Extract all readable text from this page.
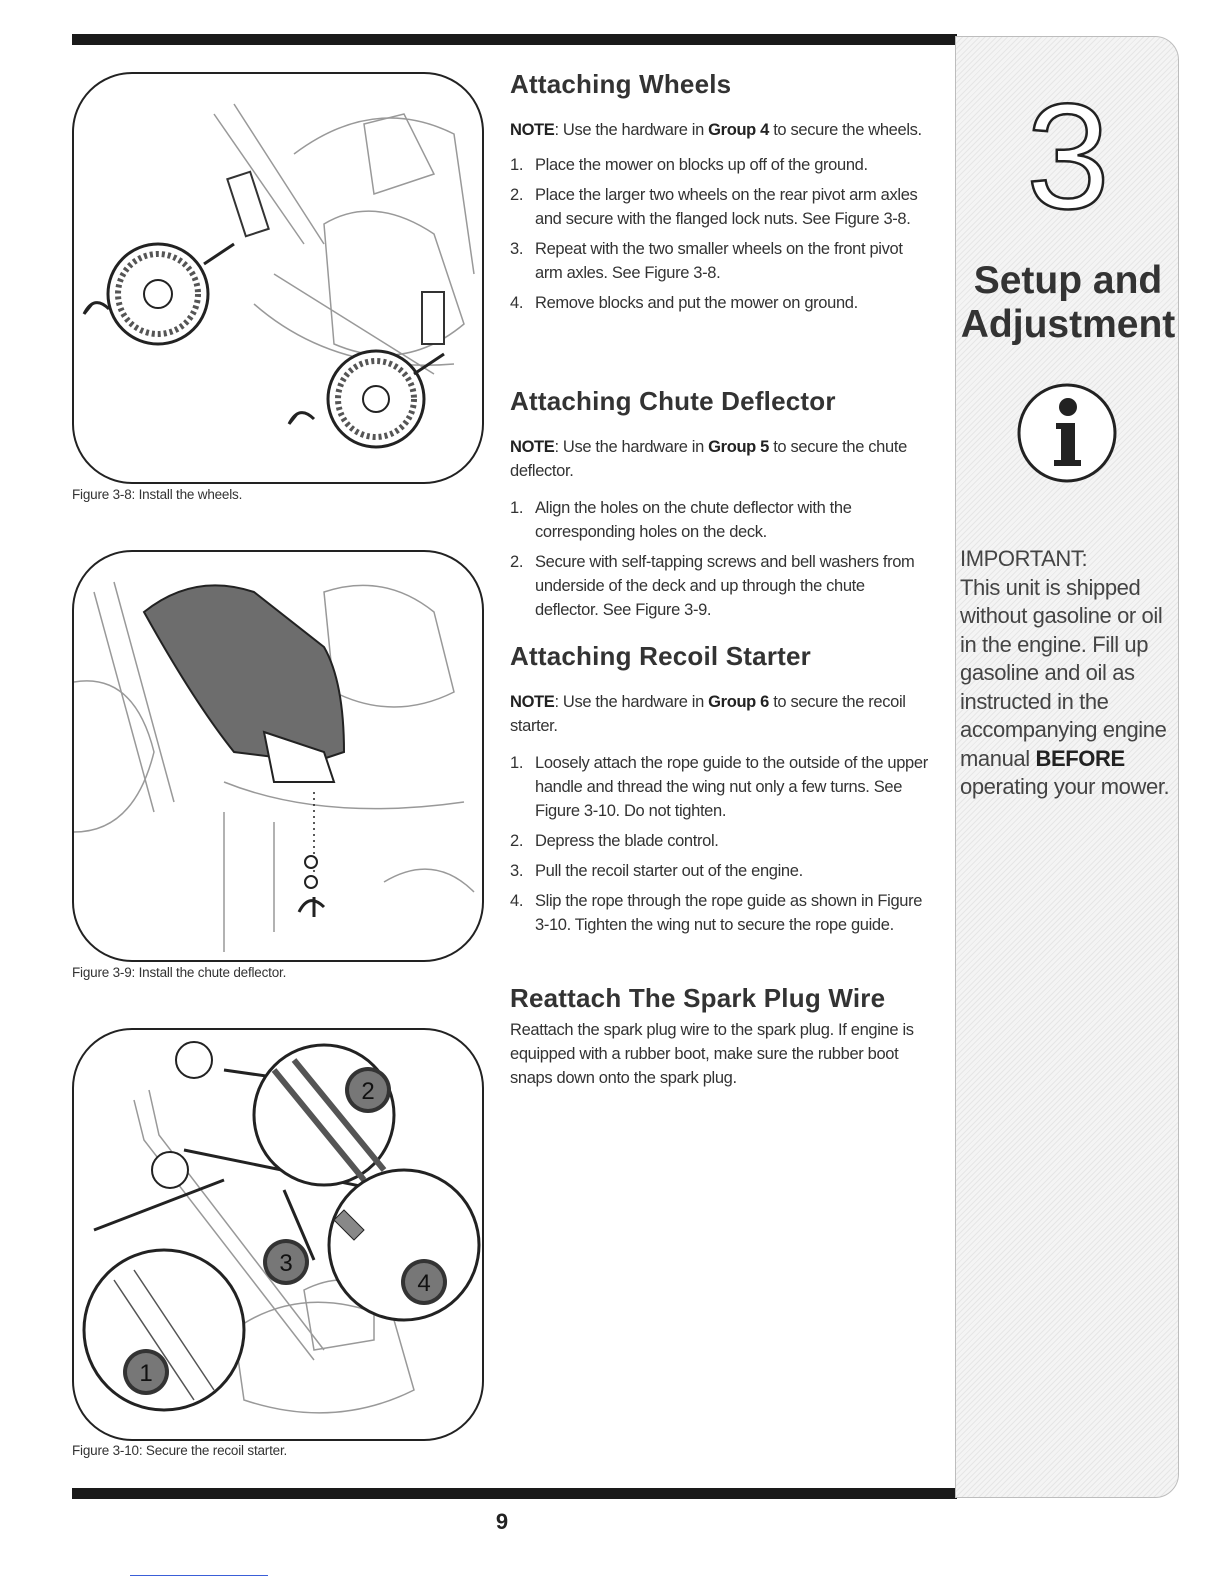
3
Setup and
Adjustment
IMPORTANT:
This unit is shipped without gasoline or oil in the engine. Fill up gasoline and oil as instructed in the accompanying engine manual BEFORE operating your mower.
Figure 3-8: Install the wheels.
Figure 3-9: Install the chute deflector.
2
3
4
1
Figure 3-10: Secure the recoil starter.
Attaching Wheels
NOTE: Use the hardware in Group 4 to secure the wheels.
1. Place the mower on blocks up off of the ground.
2. Place the larger two wheels on the rear pivot arm axles and secure with the flanged lock nuts. See Figure 3-8.
3. Repeat with the two smaller wheels on the front pivot arm axles. See Figure 3-8.
4. Remove blocks and put the mower on ground.
Attaching Chute Deflector
NOTE: Use the hardware in Group 5 to secure the chute deflector.
1. Align the holes on the chute deflector with the corresponding holes on the deck.
2. Secure with self-tapping screws and bell washers from underside of the deck and up through the chute deflector. See Figure 3-9.
Attaching Recoil Starter
NOTE: Use the hardware in Group 6 to secure the recoil starter.
1. Loosely attach the rope guide to the outside of the upper handle and thread the wing nut only a few turns. See Figure 3-10. Do not tighten.
2. Depress the blade control.
3. Pull the recoil starter out of the engine.
4. Slip the rope through the rope guide as shown in Figure 3-10. Tighten the wing nut to secure the rope guide.
Reattach The Spark Plug Wire
Reattach the spark plug wire to the spark plug. If engine is equipped with a rubber boot, make sure the rubber boot snaps down onto the spark plug.
9
